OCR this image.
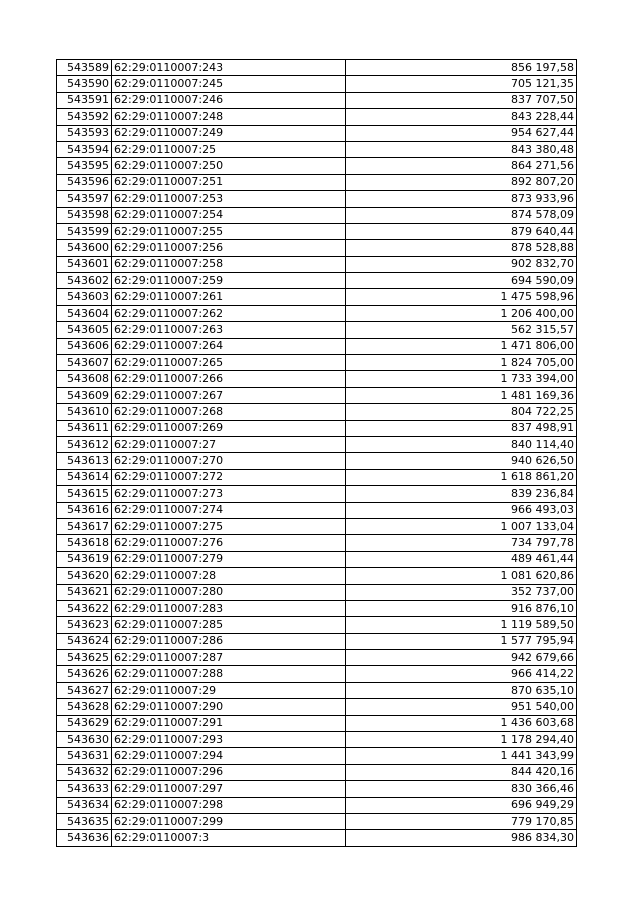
543589	62:29:0110007:243	856 197,58
543590	62:29:0110007:245	705 121,35
543591	62:29:0110007:246	837 707,50
543592	62:29:0110007:248	843 228,44
543593	62:29:0110007:249	954 627,44
543594	62:29:0110007:25	843 380,48
543595	62:29:0110007:250	864 271,56
543596	62:29:0110007:251	892 807,20
543597	62:29:0110007:253	873 933,96
543598	62:29:0110007:254	874 578,09
543599	62:29:0110007:255	879 640,44
543600	62:29:0110007:256	878 528,88
543601	62:29:0110007:258	902 832,70
543602	62:29:0110007:259	694 590,09
543603	62:29:0110007:261	1 475 598,96
543604	62:29:0110007:262	1 206 400,00
543605	62:29:0110007:263	562 315,57
543606	62:29:0110007:264	1 471 806,00
543607	62:29:0110007:265	1 824 705,00
543608	62:29:0110007:266	1 733 394,00
543609	62:29:0110007:267	1 481 169,36
543610	62:29:0110007:268	804 722,25
543611	62:29:0110007:269	837 498,91
543612	62:29:0110007:27	840 114,40
543613	62:29:0110007:270	940 626,50
543614	62:29:0110007:272	1 618 861,20
543615	62:29:0110007:273	839 236,84
543616	62:29:0110007:274	966 493,03
543617	62:29:0110007:275	1 007 133,04
543618	62:29:0110007:276	734 797,78
543619	62:29:0110007:279	489 461,44
543620	62:29:0110007:28	1 081 620,86
543621	62:29:0110007:280	352 737,00
543622	62:29:0110007:283	916 876,10
543623	62:29:0110007:285	1 119 589,50
543624	62:29:0110007:286	1 577 795,94
543625	62:29:0110007:287	942 679,66
543626	62:29:0110007:288	966 414,22
543627	62:29:0110007:29	870 635,10
543628	62:29:0110007:290	951 540,00
543629	62:29:0110007:291	1 436 603,68
543630	62:29:0110007:293	1 178 294,40
543631	62:29:0110007:294	1 441 343,99
543632	62:29:0110007:296	844 420,16
543633	62:29:0110007:297	830 366,46
543634	62:29:0110007:298	696 949,29
543635	62:29:0110007:299	779 170,85
543636	62:29:0110007:3	986 834,30
